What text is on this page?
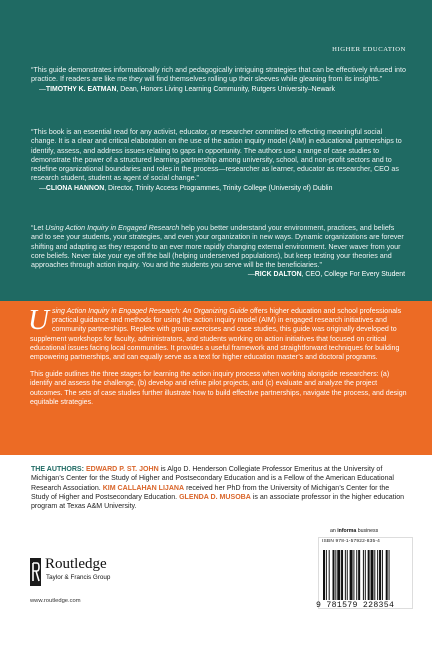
HIGHER EDUCATION
“This guide demonstrates informationally rich and pedagogically intriguing strategies that can be effectively infused into practice. If readers are like me they will find themselves rolling up their sleeves while gleaning from its insights.”
—TIMOTHY K. EATMAN, Dean, Honors Living Learning Community, Rutgers University–Newark
“This book is an essential read for any activist, educator, or researcher committed to effecting meaningful social change. It is a clear and critical elaboration on the use of the action inquiry model (AIM) in educational partnerships to identify, assess, and address issues relating to gaps in opportunity. The authors use a range of case studies to demonstrate the power of a structured learning partnership among university, school, and non-profit sectors and to redefine organizational boundaries and roles in the process—researcher as learner, educator as researcher, CEO as research student, student as agent of social change.”
—CLIONA HANNON, Director, Trinity Access Programmes, Trinity College (University of) Dublin
“Let Using Action Inquiry in Engaged Research help you better understand your environment, practices, and beliefs and to see your students, your strategies, and even your organization in new ways. Dynamic organizations are forever shifting and adapting as they respond to an ever more rapidly changing external environment. Never waver from your core beliefs. Never take your eye off the ball (helping underserved populations), but keep testing your theories and approaches through action inquiry. You and the students you serve will be the beneficiaries.”
—RICK DALTON, CEO, College For Every Student

Using Action Inquiry in Engaged Research: An Organizing Guide offers higher education and school professionals practical guidance and methods for using the action inquiry model (AIM) in engaged research initiatives and community partnerships. Replete with group exercises and case studies, this guide was originally developed to supplement workshops for faculty, administrators, and students working on action initiatives that focused on critical educational issues facing local communities. It provides a useful framework and straightforward techniques for building empowering partnerships, and can equally serve as a text for higher education master’s and doctoral programs.

This guide outlines the three stages for learning the action inquiry process when working alongside researchers: (a) identify and assess the challenge, (b) develop and refine pilot projects, and (c) evaluate and analyze the project outcomes. The sets of case studies further illustrate how to build effective partnerships, navigate the process, and design equitable strategies.

THE AUTHORS: EDWARD P. ST. JOHN is Algo D. Henderson Collegiate Professor Emeritus at the University of Michigan’s Center for the Study of Higher and Postsecondary Education and is a Fellow of the American Educational Research Association. KIM CALLAHAN LIJANA received her PhD from the University of Michigan’s Center for the Study of Higher and Postsecondary Education. GLENDA D. MUSOBA is an associate professor in the higher education program at Texas A&M University.
Routledge
Taylor & Francis Group
www.routledge.com
an informa business
ISBN 978-1-57922-835-4
9 781579 228354
